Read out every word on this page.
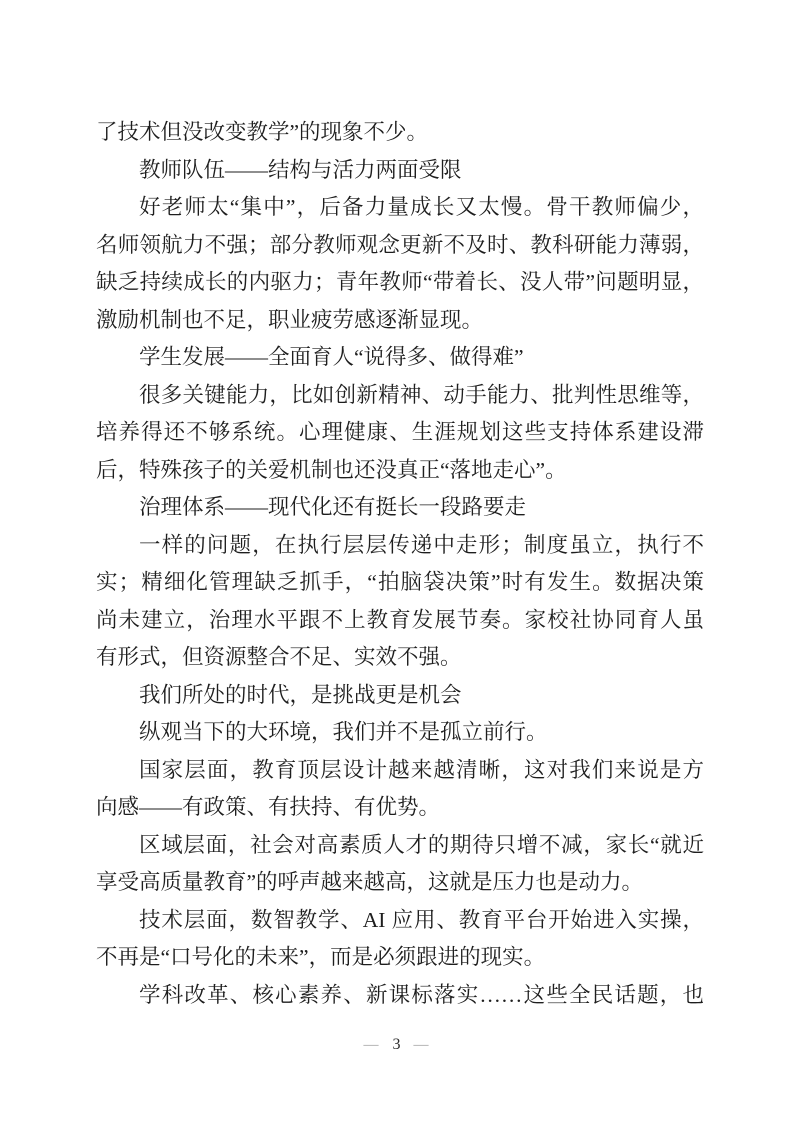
了技术但没改变教学”的现象不少。
教师队伍——结构与活力两面受限
好老师太“集中”，后备力量成长又太慢。骨干教师偏少，
名师领航力不强；部分教师观念更新不及时、教科研能力薄弱，
缺乏持续成长的内驱力；青年教师“带着长、没人带”问题明显，
激励机制也不足，职业疲劳感逐渐显现。
学生发展——全面育人“说得多、做得难”
很多关键能力，比如创新精神、动手能力、批判性思维等，
培养得还不够系统。心理健康、生涯规划这些支持体系建设滞
后，特殊孩子的关爱机制也还没真正“落地走心”。
治理体系——现代化还有挺长一段路要走
一样的问题，在执行层层传递中走形；制度虽立，执行不
实；精细化管理缺乏抓手，“拍脑袋决策”时有发生。数据决策
尚未建立，治理水平跟不上教育发展节奏。家校社协同育人虽
有形式，但资源整合不足、实效不强。
我们所处的时代，是挑战更是机会
纵观当下的大环境，我们并不是孤立前行。
国家层面，教育顶层设计越来越清晰，这对我们来说是方
向感——有政策、有扶持、有优势。
区域层面，社会对高素质人才的期待只增不减，家长“就近
享受高质量教育”的呼声越来越高，这就是压力也是动力。
技术层面，数智教学、AI 应用、教育平台开始进入实操，
不再是“口号化的未来”，而是必须跟进的现实。
学科改革、核心素养、新课标落实……这些全民话题，也
— 3 —
